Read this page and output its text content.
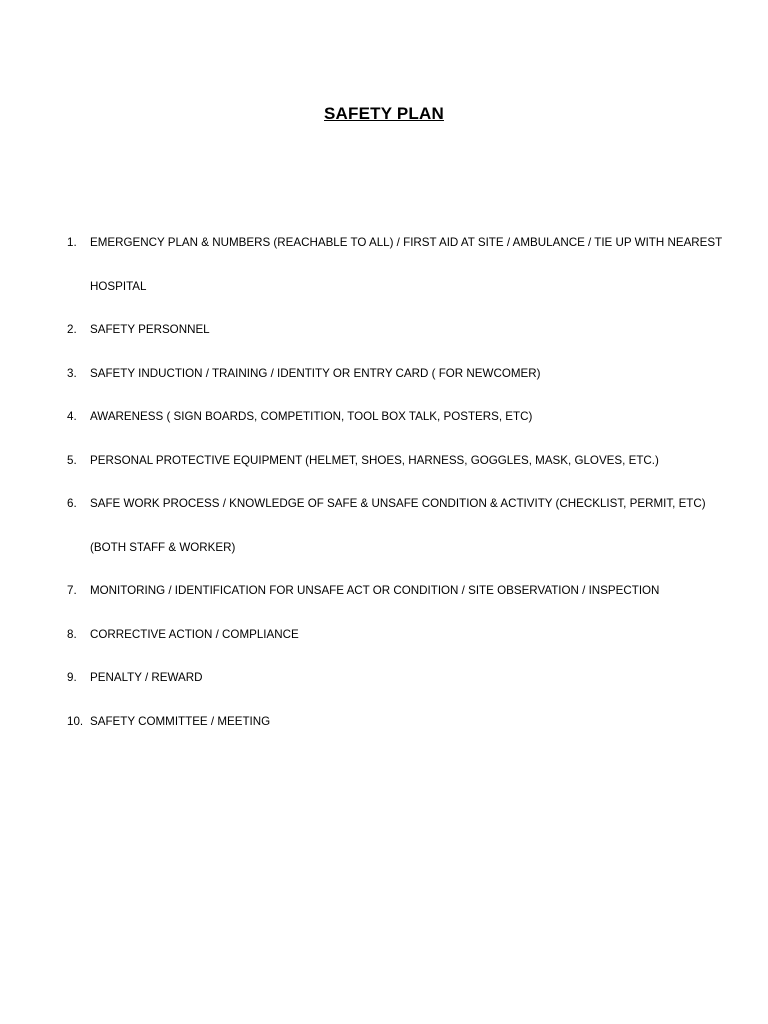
SAFETY PLAN
1. EMERGENCY PLAN & NUMBERS (REACHABLE TO ALL) / FIRST AID AT SITE / AMBULANCE / TIE UP WITH NEAREST
HOSPITAL
2. SAFETY PERSONNEL
3. SAFETY INDUCTION / TRAINING / IDENTITY OR ENTRY CARD ( FOR NEWCOMER)
4. AWARENESS ( SIGN BOARDS, COMPETITION, TOOL BOX TALK, POSTERS, ETC)
5. PERSONAL PROTECTIVE EQUIPMENT (HELMET, SHOES, HARNESS, GOGGLES, MASK, GLOVES, ETC.)
6. SAFE WORK PROCESS / KNOWLEDGE OF SAFE & UNSAFE CONDITION & ACTIVITY (CHECKLIST, PERMIT, ETC)
(BOTH STAFF & WORKER)
7. MONITORING / IDENTIFICATION FOR UNSAFE ACT OR CONDITION / SITE OBSERVATION / INSPECTION
8. CORRECTIVE ACTION / COMPLIANCE
9. PENALTY / REWARD
10. SAFETY COMMITTEE / MEETING
